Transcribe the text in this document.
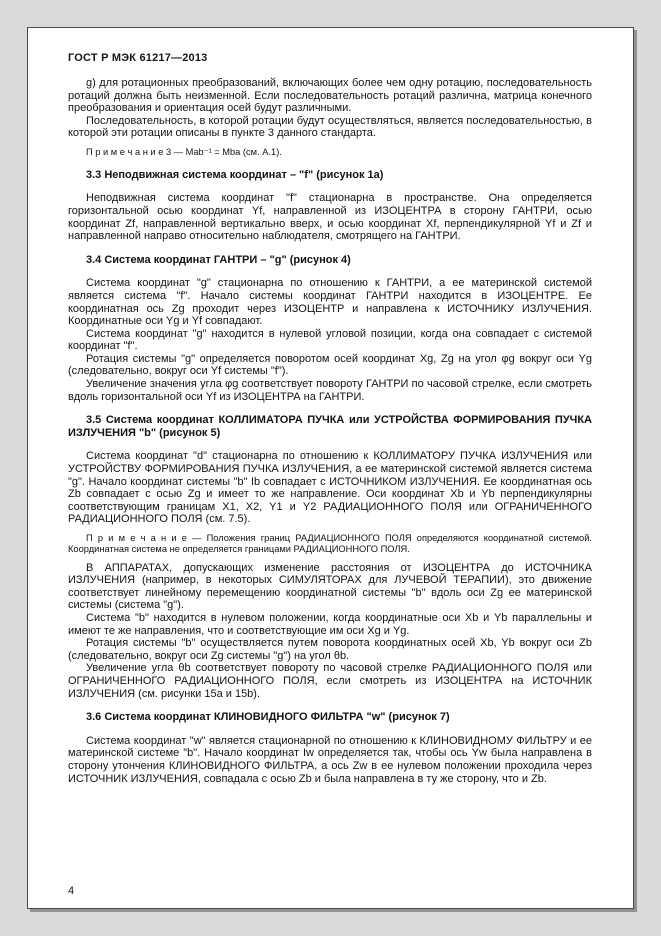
ГОСТ Р МЭК 61217—2013
g) для ротационных преобразований, включающих более чем одну ротацию, последовательность ротаций должна быть неизменной. Если последовательность ротаций различна, матрица конечного преобразования и ориентация осей будут различными.
Последовательность, в которой ротации будут осуществляться, является последовательностью, в которой эти ротации описаны в пункте 3 данного стандарта.
П р и м е ч а н и е 3 — Mab⁻¹ = Mba (см. А.1).
3.3 Неподвижная система координат – "f" (рисунок 1а)
Неподвижная система координат "f" стационарна в пространстве. Она определяется горизонтальной осью координат Yf, направленной из ИЗОЦЕНТРА в сторону ГАНТРИ, осью координат Zf, направленной вертикально вверх, и осью координат Xf, перпендикулярной Yf и Zf и направленной направо относительно наблюдателя, смотрящего на ГАНТРИ.
3.4 Система координат ГАНТРИ – "g" (рисунок 4)
Система координат "g" стационарна по отношению к ГАНТРИ, а ее материнской системой является система "f". Начало системы координат ГАНТРИ находится в ИЗОЦЕНТРЕ. Ее координатная ось Zg проходит через ИЗОЦЕНТР и направлена к ИСТОЧНИКУ ИЗЛУЧЕНИЯ. Координатные оси Yg и Yf совпадают.
Система координат "g" находится в нулевой угловой позиции, когда она совпадает с системой координат "f".
Ротация системы "g" определяется поворотом осей координат Xg, Zg на угол φg вокруг оси Yg (следовательно, вокруг оси Yf системы "f").
Увеличение значения угла φg соответствует повороту ГАНТРИ по часовой стрелке, если смотреть вдоль горизонтальной оси Yf из ИЗОЦЕНТРА на ГАНТРИ.
3.5 Система координат КОЛЛИМАТОРА ПУЧКА или УСТРОЙСТВА ФОРМИРОВАНИЯ ПУЧКА ИЗЛУЧЕНИЯ "b" (рисунок 5)
Система координат "d" стационарна по отношению к КОЛЛИМАТОРУ ПУЧКА ИЗЛУЧЕНИЯ или УСТРОЙСТВУ ФОРМИРОВАНИЯ ПУЧКА ИЗЛУЧЕНИЯ, а ее материнской системой является система "g". Начало координат системы "b" Ib совпадает с ИСТОЧНИКОМ ИЗЛУЧЕНИЯ. Ее координатная ось Zb совпадает с осью Zg и имеет то же направление. Оси координат Xb и Yb перпендикулярны соответствующим границам X1, X2, Y1 и Y2 РАДИАЦИОННОГО ПОЛЯ или ОГРАНИЧЕННОГО РАДИАЦИОННОГО ПОЛЯ (см. 7.5).
П р и м е ч а н и е — Положения границ РАДИАЦИОННОГО ПОЛЯ определяются координатной системой. Координатная система не определяется границами РАДИАЦИОННОГО ПОЛЯ.
В АППАРАТАХ, допускающих изменение расстояния от ИЗОЦЕНТРА до ИСТОЧНИКА ИЗЛУЧЕНИЯ (например, в некоторых СИМУЛЯТОРАХ для ЛУЧЕВОЙ ТЕРАПИИ), это движение соответствует линейному перемещению координатной системы "b" вдоль оси Zg ее материнской системы (система "g").
Система "b" находится в нулевом положении, когда координатные оси Xb и Yb параллельны и имеют те же направления, что и соответствующие им оси Xg и Yg.
Ротация системы "b" осуществляется путем поворота координатных осей Xb, Yb вокруг оси Zb (следовательно, вокруг оси Zg системы "g") на угол θb.
Увеличение угла θb соответствует повороту по часовой стрелке РАДИАЦИОННОГО ПОЛЯ или ОГРАНИЧЕННОГО РАДИАЦИОННОГО ПОЛЯ, если смотреть из ИЗОЦЕНТРА на ИСТОЧНИК ИЗЛУЧЕНИЯ (см. рисунки 15а и 15b).
3.6 Система координат КЛИНОВИДНОГО ФИЛЬТРА "w" (рисунок 7)
Система координат "w" является стационарной по отношению к КЛИНОВИДНОМУ ФИЛЬТРУ и ее материнской системе "b". Начало координат Iw определяется так, чтобы ось Yw была направлена в сторону утончения КЛИНОВИДНОГО ФИЛЬТРА, а ось Zw в ее нулевом положении проходила через ИСТОЧНИК ИЗЛУЧЕНИЯ, совпадала с осью Zb и была направлена в ту же сторону, что и Zb.
4
